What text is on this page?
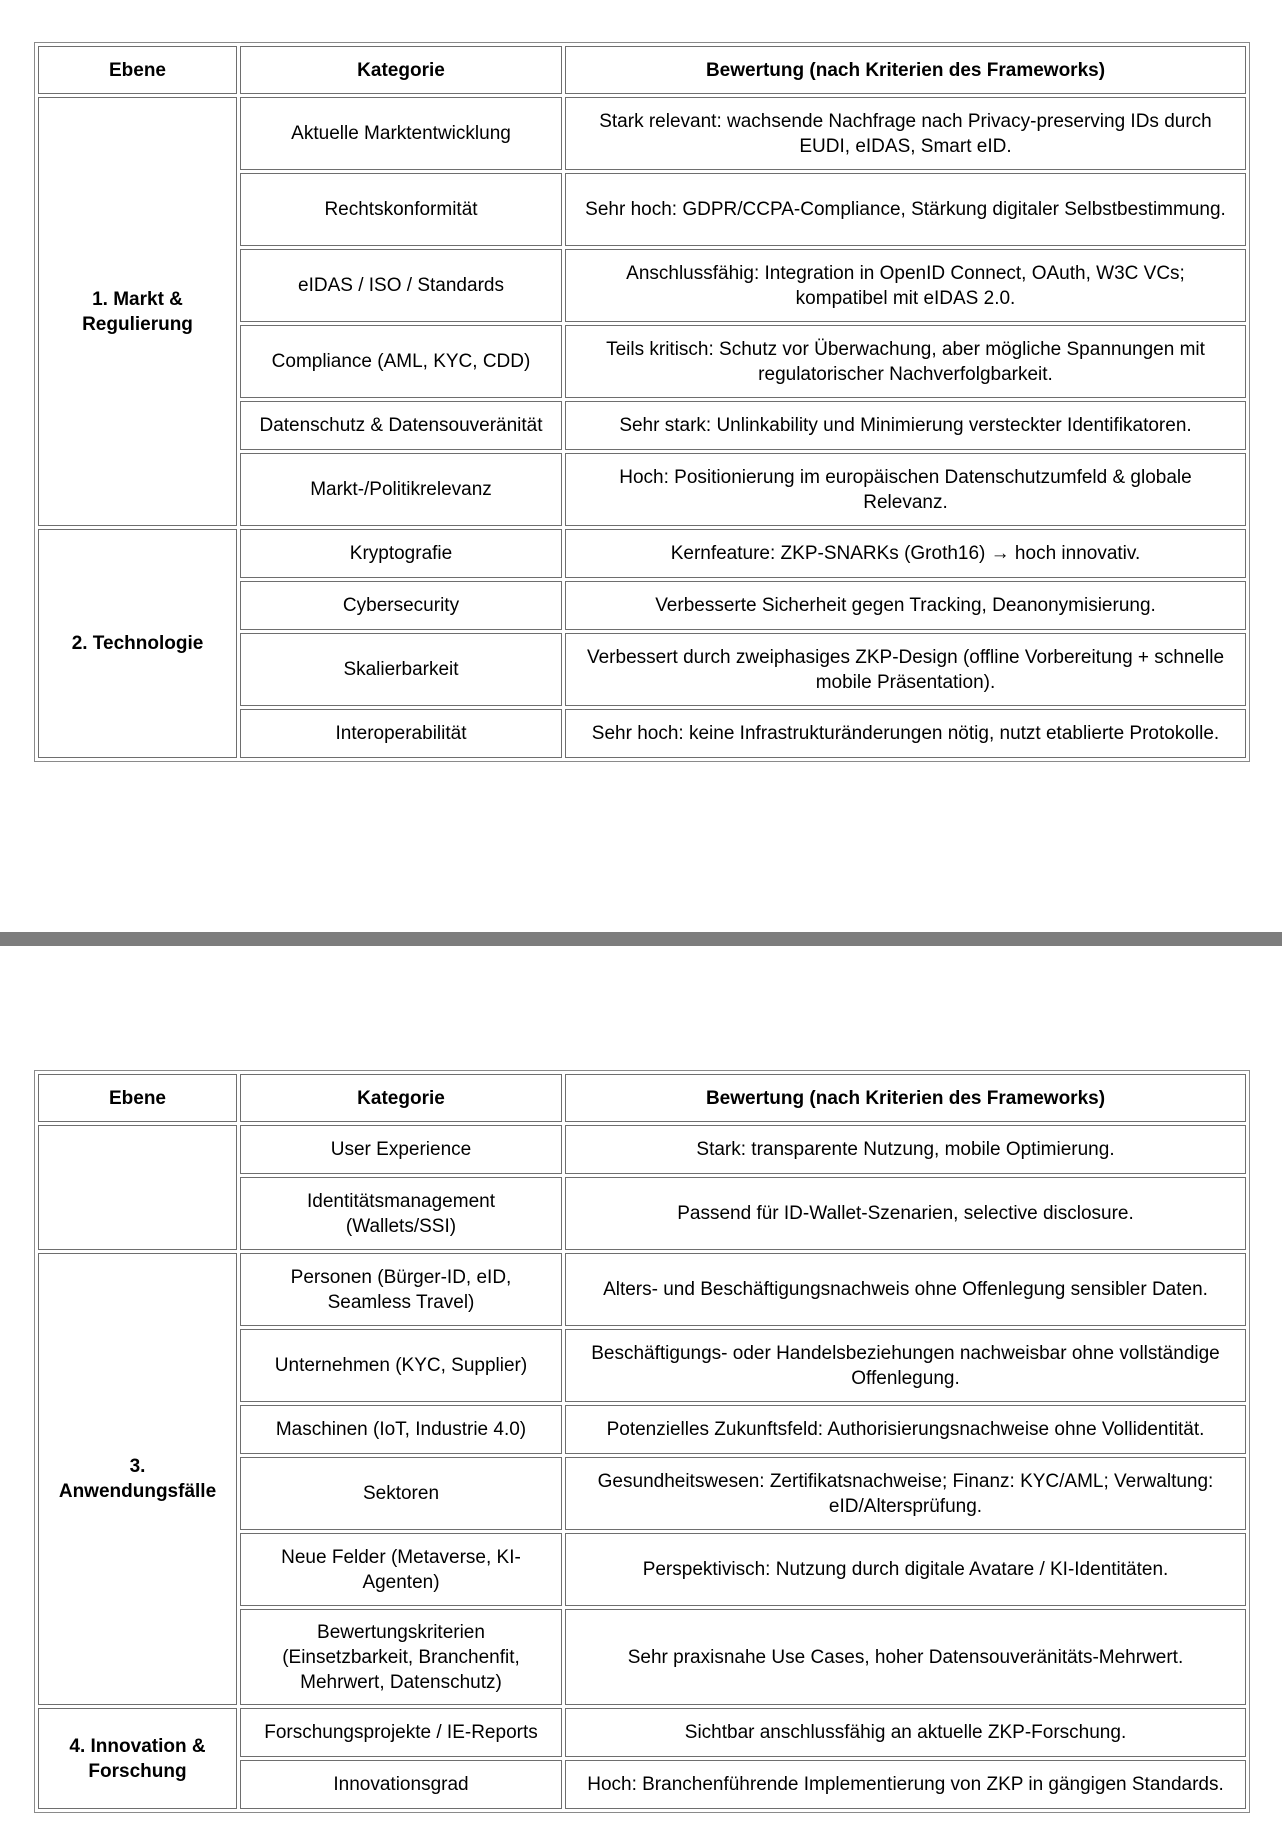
Ebene	Kategorie	Bewertung (nach Kriterien des Frameworks)
1. Markt & Regulierung	Aktuelle Marktentwicklung	Stark relevant: wachsende Nachfrage nach Privacy-preserving IDs durch EUDI, eIDAS, Smart eID.
	Rechtskonformität	Sehr hoch: GDPR/CCPA-Compliance, Stärkung digitaler Selbstbestimmung.
	eIDAS / ISO / Standards	Anschlussfähig: Integration in OpenID Connect, OAuth, W3C VCs; kompatibel mit eIDAS 2.0.
	Compliance (AML, KYC, CDD)	Teils kritisch: Schutz vor Überwachung, aber mögliche Spannungen mit regulatorischer Nachverfolgbarkeit.
	Datenschutz & Datensouveränität	Sehr stark: Unlinkability und Minimierung versteckter Identifikatoren.
	Markt-/Politikrelevanz	Hoch: Positionierung im europäischen Datenschutzumfeld & globale Relevanz.
2. Technologie	Kryptografie	Kernfeature: ZKP-SNARKs (Groth16) → hoch innovativ.
	Cybersecurity	Verbesserte Sicherheit gegen Tracking, Deanonymisierung.
	Skalierbarkeit	Verbessert durch zweiphasiges ZKP-Design (offline Vorbereitung + schnelle mobile Präsentation).
	Interoperabilität	Sehr hoch: keine Infrastrukturänderungen nötig, nutzt etablierte Protokolle.
Ebene	Kategorie	Bewertung (nach Kriterien des Frameworks)
	User Experience	Stark: transparente Nutzung, mobile Optimierung.
	Identitätsmanagement (Wallets/SSI)	Passend für ID-Wallet-Szenarien, selective disclosure.
3. Anwendungsfälle	Personen (Bürger-ID, eID, Seamless Travel)	Alters- und Beschäftigungsnachweis ohne Offenlegung sensibler Daten.
	Unternehmen (KYC, Supplier)	Beschäftigungs- oder Handelsbeziehungen nachweisbar ohne vollständige Offenlegung.
	Maschinen (IoT, Industrie 4.0)	Potenzielles Zukunftsfeld: Authorisierungsnachweise ohne Vollidentität.
	Sektoren	Gesundheitswesen: Zertifikatsnachweise; Finanz: KYC/AML; Verwaltung: eID/Altersprüfung.
	Neue Felder (Metaverse, KI-Agenten)	Perspektivisch: Nutzung durch digitale Avatare / KI-Identitäten.
	Bewertungskriterien (Einsetzbarkeit, Branchenfit, Mehrwert, Datenschutz)	Sehr praxisnahe Use Cases, hoher Datensouveränitäts-Mehrwert.
4. Innovation & Forschung	Forschungsprojekte / IE-Reports	Sichtbar anschlussfähig an aktuelle ZKP-Forschung.
	Innovationsgrad	Hoch: Branchenführende Implementierung von ZKP in gängigen Standards.
